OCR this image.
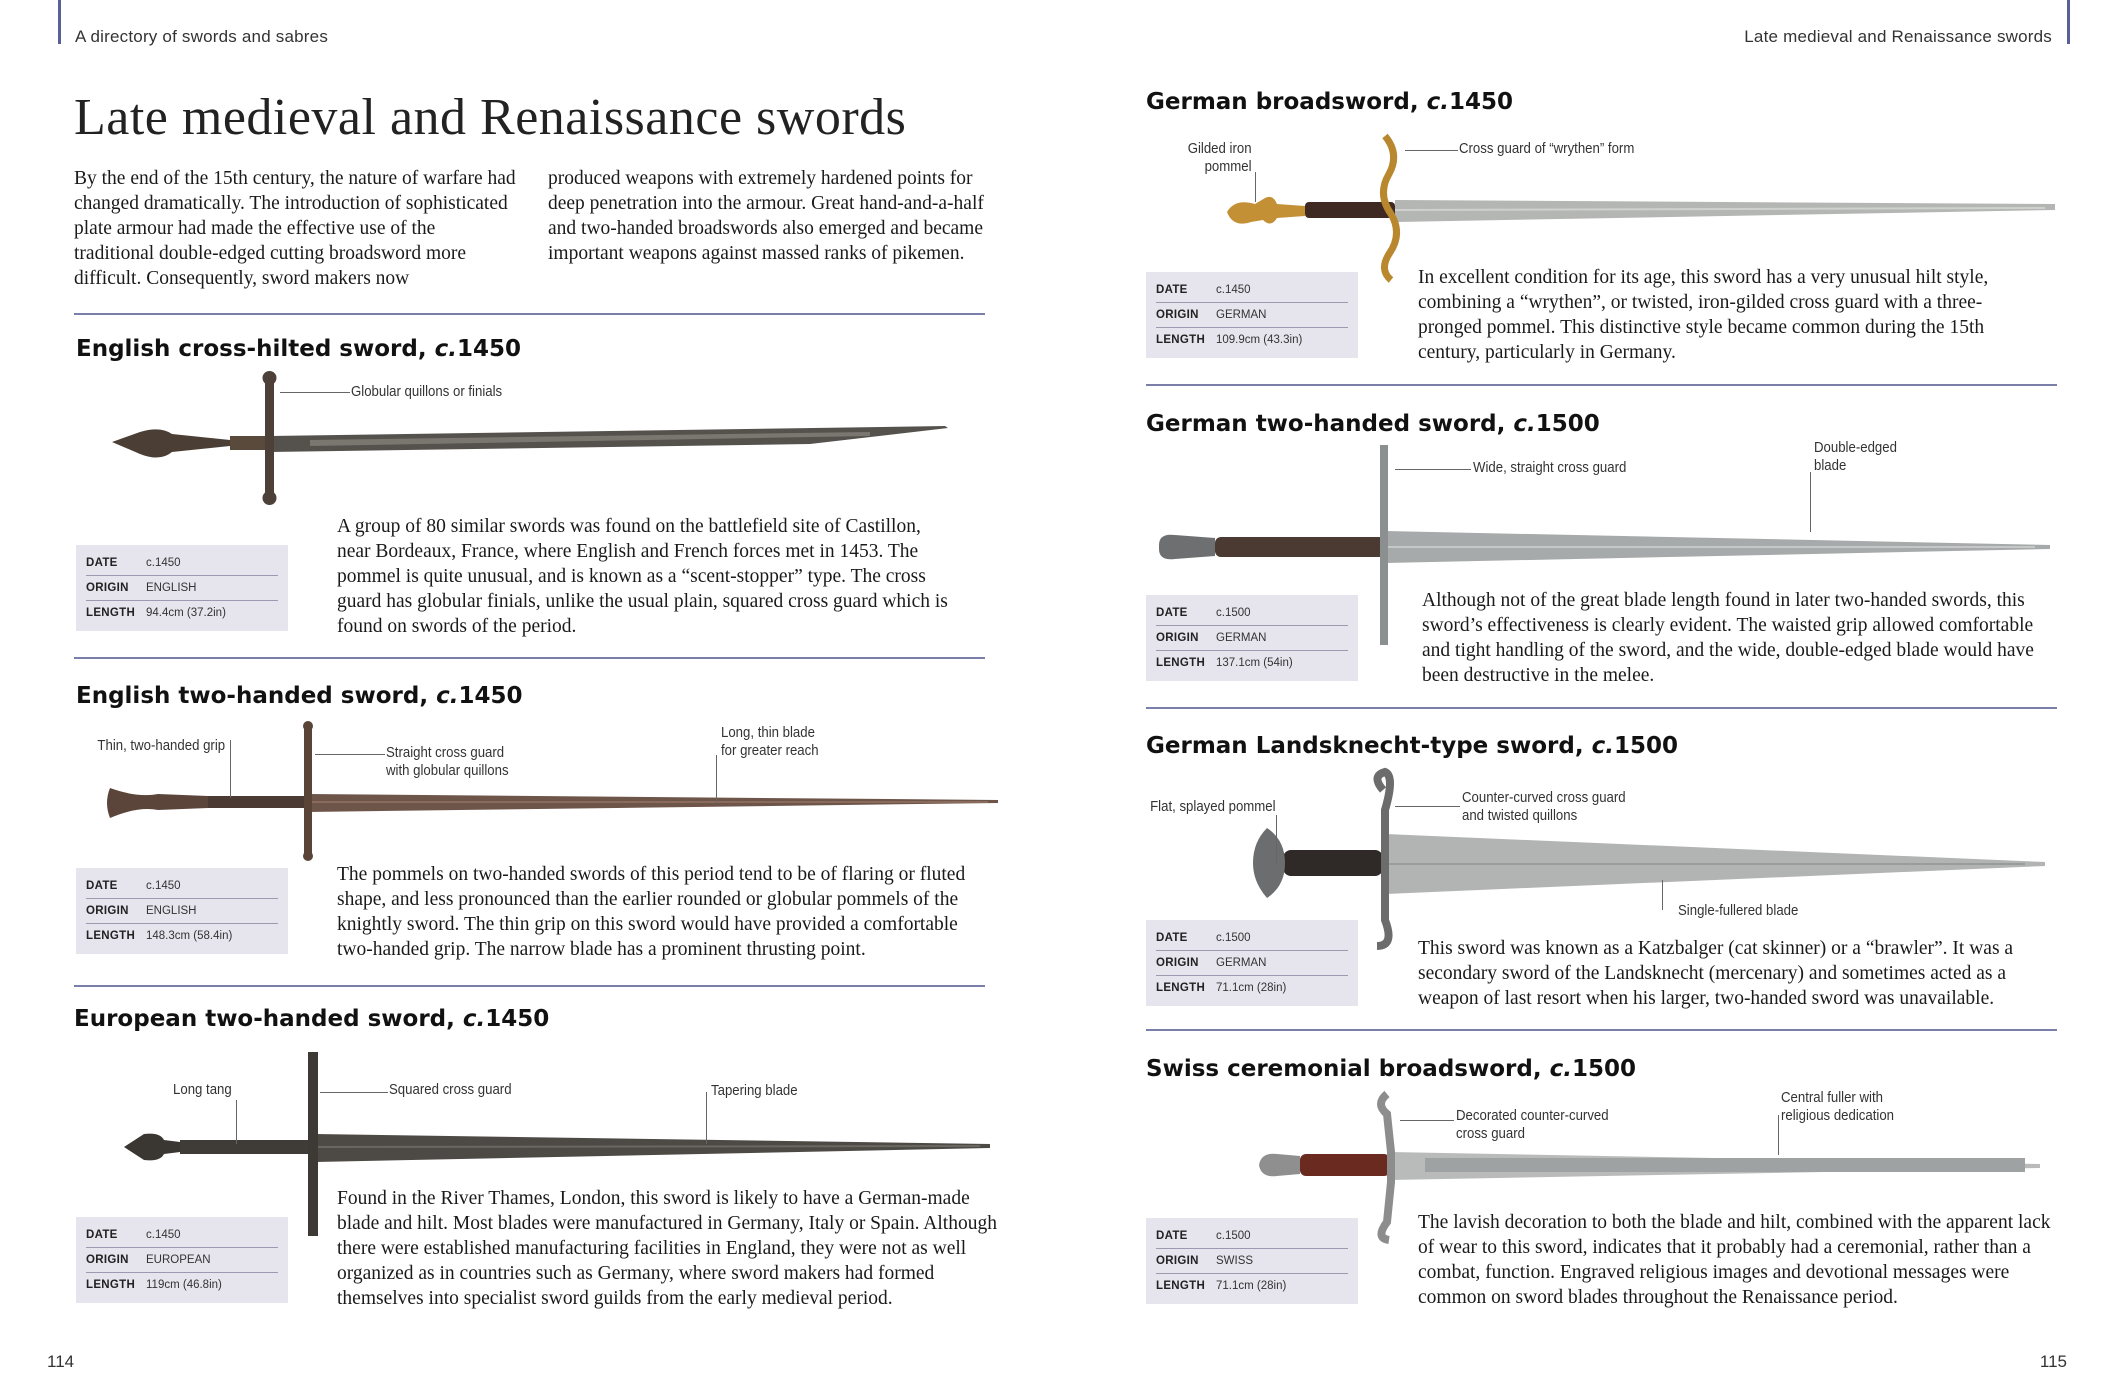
A directory of swords and sabres	Late medieval and Renaissance swords
Late medieval and Renaissance swords
By the end of the 15th century, the nature of warfare had changed dramatically. The introduction of sophisticated plate armour had made the effective use of the traditional double-edged cutting broadsword more difficult. Consequently, sword makers now
produced weapons with extremely hardened points for deep penetration into the armour. Great hand-and-a-half and two-handed broadswords also emerged and became important weapons against massed ranks of pikemen.
English cross-hilted sword, c.1450
Globular quillons or finials
DATE	c.1450
ORIGIN	ENGLISH
LENGTH 94.4cm (37.2in)
A group of 80 similar swords was found on the battlefield site of Castillon, near Bordeaux, France, where English and French forces met in 1453. The pommel is quite unusual, and is known as a “scent-stopper” type. The cross guard has globular finials, unlike the usual plain, squared cross guard which is found on swords of the period.
English two-handed sword, c.1450
Thin, two-handed grip	Straight cross guard
with globular quillons
Long, thin blade
for greater reach
DATE	c.1450
ORIGIN	ENGLISH
LENGTH 148.3cm (58.4in)
The pommels on two-handed swords of this period tend to be of flaring or fluted shape, and less pronounced than the earlier rounded or globular pommels of the knightly sword. The thin grip on this sword would have provided a comfortable two-handed grip. The narrow blade has a prominent thrusting point.
European two-handed sword, c.1450
Long tang	Squared cross guard	Tapering blade
DATE	c.1450
ORIGIN	EUROPEAN
LENGTH 119cm (46.8in)
Found in the River Thames, London, this sword is likely to have a German-made blade and hilt. Most blades were manufactured in Germany, Italy or Spain. Although there were established manufacturing facilities in England, they were not as well organized as in countries such as Germany, where sword makers had formed themselves into specialist sword guilds from the early medieval period.
114
German broadsword, c.1450
Gilded iron
pommel
Cross guard of “wrythen” form
DATE	c.1450
ORIGIN	GERMAN
LENGTH 109.9cm (43.3in)
In excellent condition for its age, this sword has a very unusual hilt style, combining a “wrythen”, or twisted, iron-gilded cross guard with a three-pronged pommel. This distinctive style became common during the 15th century, particularly in Germany.
German two-handed sword, c.1500
Wide, straight cross guard
Double-edged
blade
DATE	c.1500
ORIGIN	GERMAN
LENGTH 137.1cm (54in)
Although not of the great blade length found in later two-handed swords, this sword’s effectiveness is clearly evident. The waisted grip allowed comfortable and tight handling of the sword, and the wide, double-edged blade would have been destructive in the melee.
German Landsknecht-type sword, c.1500
Flat, splayed pommel
Counter-curved cross guard
and twisted quillons
Single-fullered blade
DATE	c.1500
ORIGIN	GERMAN
LENGTH 71.1cm (28in)
This sword was known as a Katzbalger (cat skinner) or a “brawler”. It was a secondary sword of the Landsknecht (mercenary) and sometimes acted as a weapon of last resort when his larger, two-handed sword was unavailable.
Swiss ceremonial broadsword, c.1500
Decorated counter-curved
cross guard
Central fuller with
religious dedication
DATE	c.1500
ORIGIN	SWISS
LENGTH 71.1cm (28in)
The lavish decoration to both the blade and hilt, combined with the apparent lack of wear to this sword, indicates that it probably had a ceremonial, rather than a combat, function. Engraved religious images and devotional messages were common on sword blades throughout the Renaissance period.
115
